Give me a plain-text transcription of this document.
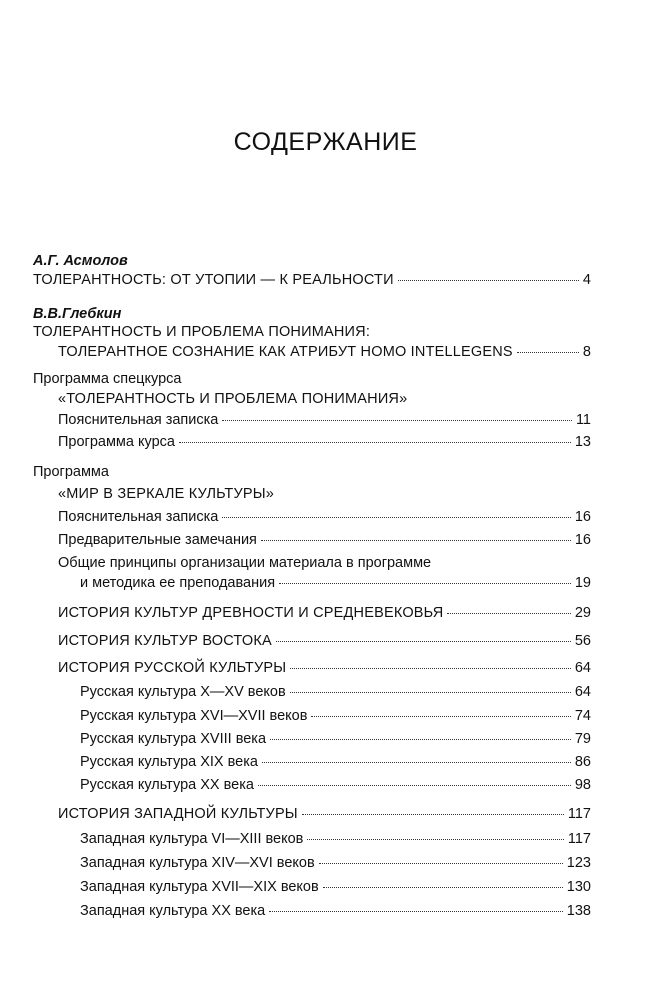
СОДЕРЖАНИЕ
А.Г. Асмолов
ТОЛЕРАНТНОСТЬ: ОТ УТОПИИ — К РЕАЛЬНОСТИ	4
В.В.Глебкин
ТОЛЕРАНТНОСТЬ И ПРОБЛЕМА ПОНИМАНИЯ:
ТОЛЕРАНТНОЕ СОЗНАНИЕ КАК АТРИБУТ HOMO INTELLEGENS	8
Программа спецкурса
«ТОЛЕРАНТНОСТЬ И ПРОБЛЕМА ПОНИМАНИЯ»
Пояснительная записка	11
Программа курса	13
Программа
«МИР В ЗЕРКАЛЕ КУЛЬТУРЫ»
Пояснительная записка	16
Предварительные замечания	16
Общие принципы организации материала в программе
и методика ее преподавания	19
ИСТОРИЯ КУЛЬТУР ДРЕВНОСТИ И СРЕДНЕВЕКОВЬЯ	29
ИСТОРИЯ КУЛЬТУР ВОСТОКА	56
ИСТОРИЯ РУССКОЙ КУЛЬТУРЫ	64
Русская культура X—XV веков	64
Русская культура XVI—XVII веков	74
Русская культура XVIII века	79
Русская культура XIX века	86
Русская культура XX века	98
ИСТОРИЯ ЗАПАДНОЙ КУЛЬТУРЫ	117
Западная культура VI—XIII веков	117
Западная культура XIV—XVI веков	123
Западная культура XVII—XIX веков	130
Западная культура XX века	138
